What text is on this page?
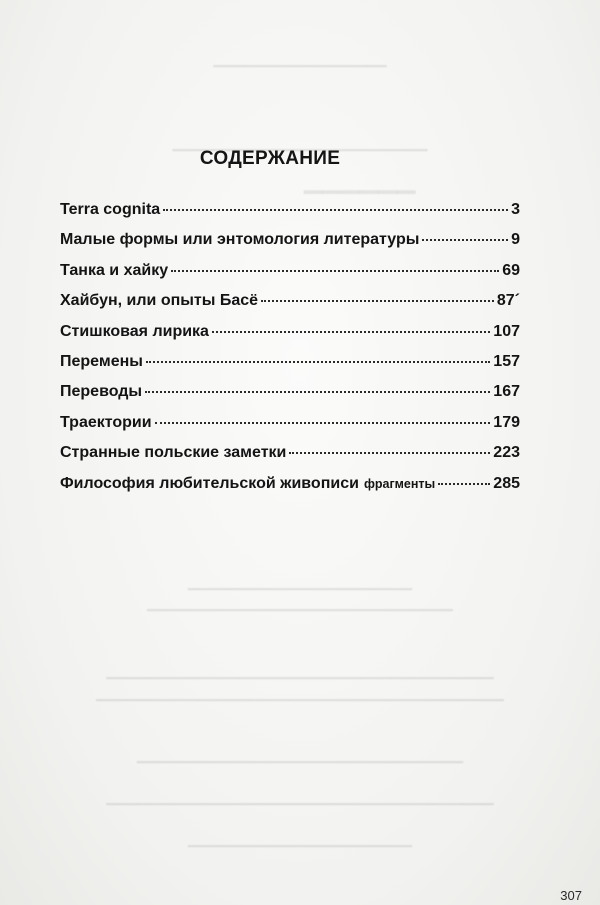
▁▁▁▁▁▁▁▁▁▁▁▁▁▁▁▁▁
▁▁▁▁▁▁▁▁▁▁▁▁▁▁▁▁▁▁▁▁▁▁▁▁▁
▁▁▁▁▁▁
▁▁▁▁▁▁▁▁▁▁▁▁▁▁▁▁▁▁▁▁▁▁
▁▁▁▁▁▁▁▁▁▁▁▁▁▁▁▁▁▁▁▁▁▁▁▁▁▁▁▁▁▁
▁▁▁▁▁▁▁▁▁▁▁▁▁▁▁▁▁▁▁▁▁▁▁▁▁▁▁▁▁▁▁▁▁▁▁▁▁▁
▁▁▁▁▁▁▁▁▁▁▁▁▁▁▁▁▁▁▁▁▁▁▁▁▁▁▁▁▁▁▁▁▁▁▁▁▁▁▁▁
▁▁▁▁▁▁▁▁▁▁▁▁▁▁▁▁▁▁▁▁▁▁▁▁▁▁▁▁▁▁▁▁
▁▁▁▁▁▁▁▁▁▁▁▁▁▁▁▁▁▁▁▁▁▁▁▁▁▁▁▁▁▁▁▁▁▁▁▁▁▁
▁▁▁▁▁▁▁▁▁▁▁▁▁▁▁▁▁▁▁▁▁▁
СОДЕРЖАНИЕ
Terra cognita	3
Малые формы или энтомология литературы	9
Танка и хайку	69
Хайбун, или опыты Басё	87´
Стишковая лирика	107
Перемены	157
Переводы	167
Траектории	179
Странные польские заметки	223
Философия любительской живописи фрагменты	285
307
